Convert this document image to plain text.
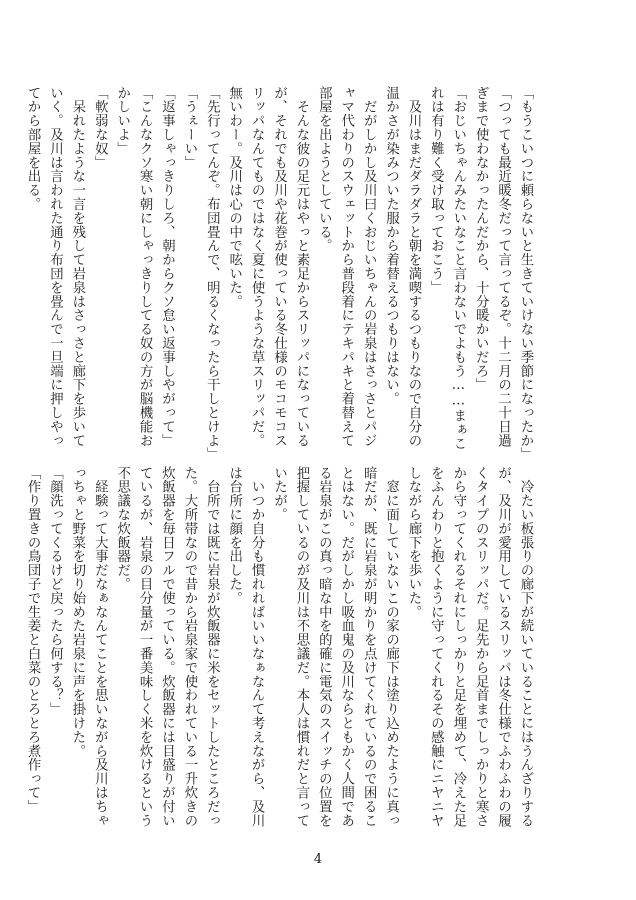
「もうこいつに頼らないと生きていけない季節になったか」
「つっても最近暖冬だって言ってるぞ。十二月の二十日過
ぎまで使わなかったんだから、十分暖かいだろ」
「おじいちゃんみたいなこと言わないでよもう……まぁこ
れは有り難く受け取っておこう」
　及川はまだダラダラと朝を満喫するつもりなので自分の
温かさが染みついた服から着替えるつもりはない。
　だがしかし及川曰くおじいちゃんの岩泉はさっさとパジ
ャマ代わりのスウェットから普段着にテキパキと着替えて
部屋を出ようとしている。
　そんな彼の足元はやっと素足からスリッパになっている
が、それでも及川や花巻が使っている冬仕様のモコモコス
リッパなんてものではなく夏に使うような草スリッパだ。
無いわー。及川は心の中で呟いた。
「先行ってんぞ。布団畳んで、明るくなったら干しとけよ」
「うぇーい」
「返事しゃっきりしろ、朝からクソ怠い返事しやがって」
「こんなクソ寒い朝にしゃっきりしてる奴の方が脳機能お
かしいよ」
「軟弱な奴」
　呆れたような一言を残して岩泉はさっさと廊下を歩いて
いく。及川は言われた通り布団を畳んで一旦端に押しやっ
てから部屋を出る。
　冷たい板張りの廊下が続いていることにはうんざりする
が、及川が愛用しているスリッパは冬仕様でふわふわの履
くタイプのスリッパだ。足先から足首までしっかりと寒さ
から守ってくれるそれにしっかりと足を埋めて、冷えた足
をふんわりと抱くように守ってくれるその感触にニヤニヤ
しながら廊下を歩いた。
　窓に面していないこの家の廊下は塗り込めたように真っ
暗だが、既に岩泉が明かりを点けてくれているので困るこ
とはない。だがしかし吸血鬼の及川ならともかく人間であ
る岩泉がこの真っ暗な中を的確に電気のスイッチの位置を
把握しているのが及川は不思議だ。本人は慣れだと言って
いたが。
　いつか自分も慣れればいいなぁなんて考えながら、及川
は台所に顔を出した。
　台所では既に岩泉が炊飯器に米をセットしたところだっ
た。大所帯なので昔から岩泉家で使われている一升炊きの
炊飯器を毎日フルで使っている。炊飯器には目盛りが付い
ているが、岩泉の目分量が一番美味しく米を炊けるという
不思議な炊飯器だ。
　経験って大事だなぁなんてことを思いながら及川はちゃ
っちゃと野菜を切り始めた岩泉に声を掛けた。
「顔洗ってくるけど戻ったら何する？」
「作り置きの鳥団子で生姜と白菜のとろとろ煮作って」
4
